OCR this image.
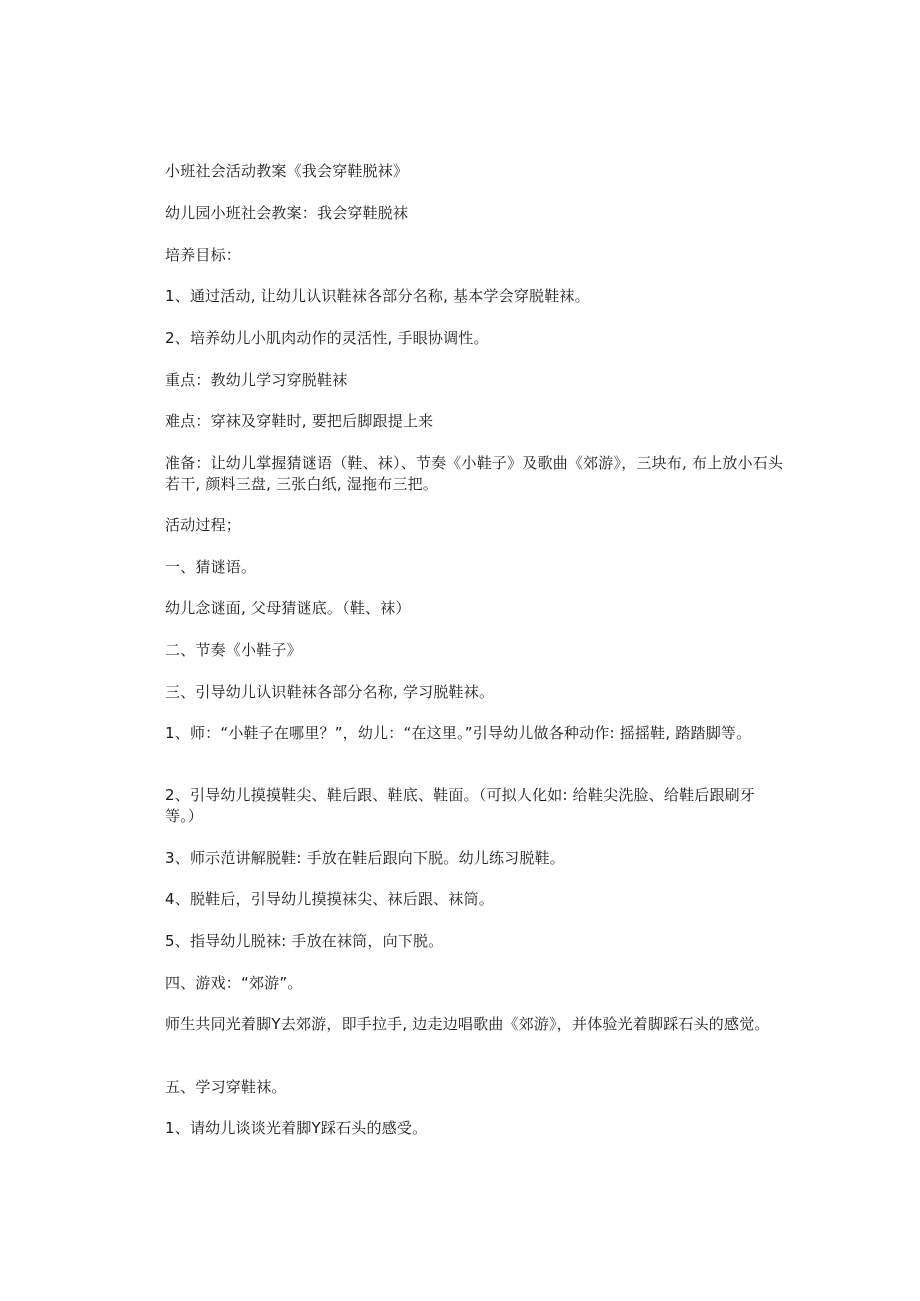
小班社会活动教案《我会穿鞋脱袜》

幼儿园小班社会教案：我会穿鞋脱袜

培养目标：

1、通过活动, 让幼儿认识鞋袜各部分名称, 基本学会穿脱鞋袜。

2、培养幼儿小肌肉动作的灵活性, 手眼协调性。

重点：教幼儿学习穿脱鞋袜

难点：穿袜及穿鞋时, 要把后脚跟提上来

准备：让幼儿掌握猜谜语（鞋、袜）、节奏《小鞋子》及歌曲《郊游》，三块布, 布上放小石头若干, 颜料三盘, 三张白纸, 湿拖布三把。

活动过程；

一、猜谜语。

幼儿念谜面, 父母猜谜底。（鞋、袜）

二、节奏《小鞋子》

三、引导幼儿认识鞋袜各部分名称, 学习脱鞋袜。

1、师：“小鞋子在哪里？”，幼儿：“在这里。”引导幼儿做各种动作: 摇摇鞋, 踏踏脚等。

2、引导幼儿摸摸鞋尖、鞋后跟、鞋底、鞋面。（可拟人化如: 给鞋尖洗脸、给鞋后跟刷牙等。）

3、师示范讲解脱鞋: 手放在鞋后跟向下脱。幼儿练习脱鞋。

4、脱鞋后，引导幼儿摸摸袜尖、袜后跟、袜筒。

5、指导幼儿脱袜: 手放在袜筒，向下脱。

四、游戏：“郊游”。

师生共同光着脚Y去郊游，即手拉手, 边走边唱歌曲《郊游》，并体验光着脚踩石头的感觉。

五、学习穿鞋袜。

1、请幼儿谈谈光着脚Y踩石头的感受。
